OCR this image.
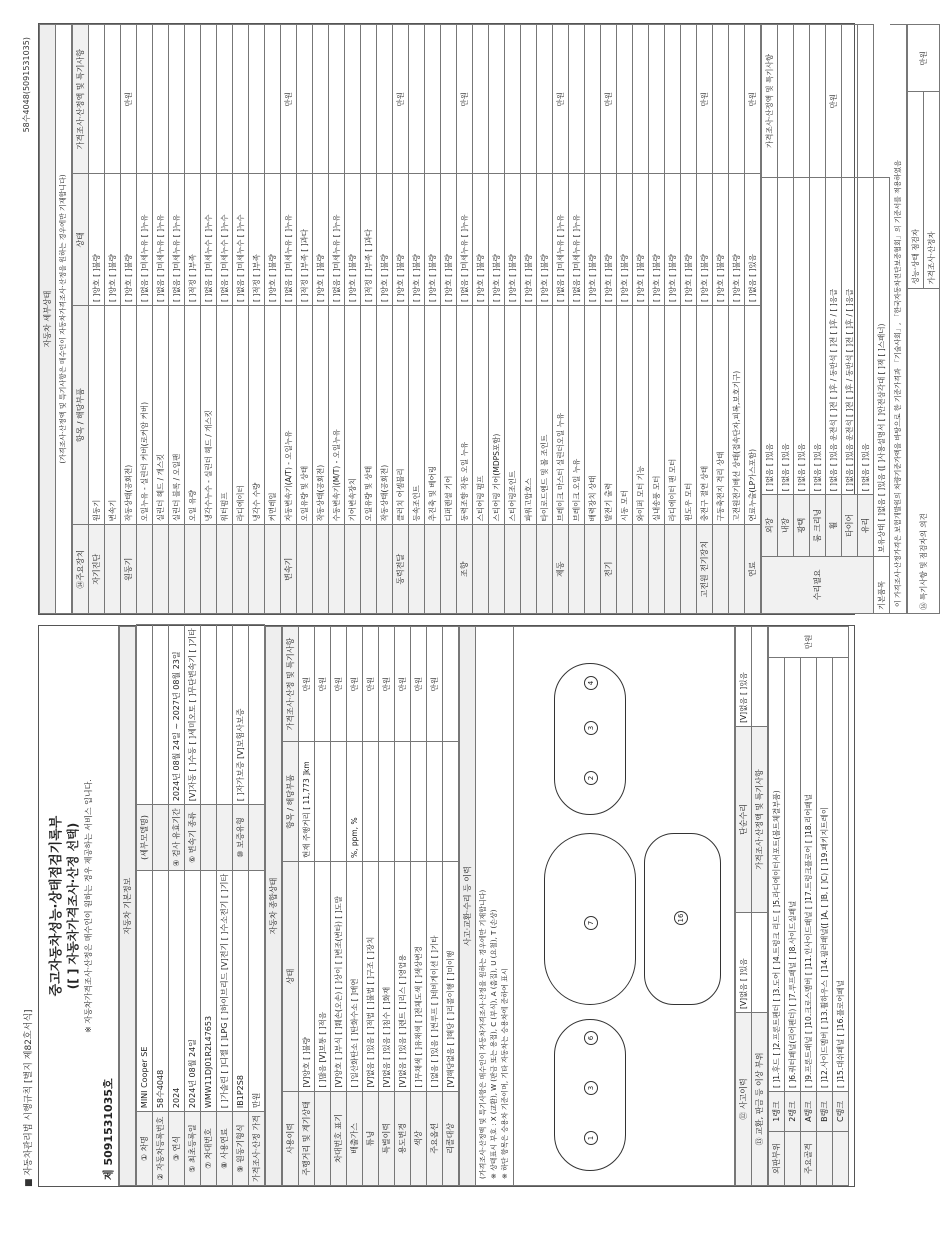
■ 자동차관리법 시행규칙 [별지 제82호서식]
58수4048(5091531035)
중고자동차성능·상태점검기록부 ([ ] 자동차가격조사·산정 선택) ※ 자동차가격조사·산정은 매수인이 원하는 경우 제공하는 서비스 입니다.
제 5091531035호
자동차 기본정보
① 차명	MINI Cooper SE	(세부모델명)	
② 자동차등록번호	58수4048		
③ 연식	2024	④ 검사 유효기간	2024년 08월 24일 ~ 2027년 08월 23일
⑤ 최초등록일	2024년 08월 24일	⑥ 변속기 종류	[V]자동 [ ]수동 [ ]세미오토 [ ]무단변속기 [ ]기타
⑦ 차대번호	WMW11DJ01R2L47653		
⑧ 사용연료	[ ]가솔린 [ ]디젤 [ ]LPG [ ]하이브리드 [V]전기 [ ]수소전기 [ ]기타		
⑨ 원동기형식	IB1P2S8	⑩ 보증유형	[ ]자가보증 [V]보험사보증
가격조사·산정 가격	만원		
자동차 종합상태
사용이력	상태	항목 / 해당부품	가격조사·산정 및 특기사항
주행거리 및 계기상태	[V]양호 [ ]불량	현재 주행거리 [ 11,773 ]km	만원
	[ ]많음 [V]보통 [ ]적음		만원
차대번호 표기	[V]양호 [ ]부식 [ ]훼손(오손) [ ]상이 [ ]변조(변타) [ ]도말		만원
배출가스	[ ]일산화탄소 [ ]탄화수소 [ ]매연	%, ppm, %	만원
튜닝	[V]없음 [ ]있음 [ ]적법 [ ]불법 [ ]구조 [ ]장치		만원
특별이력	[V]없음 [ ]있음 [ ]침수 [ ]화재		만원
용도변경	[V]없음 [ ]있음 [ ]렌트 [ ]리스 [ ]영업용		만원
색상	[ ]무채색 [ ]유채색 [ ]전체도색 [ ]색상변경		만원
주요옵션	[ ]없음 [ ]있음 [ ]썬루프 [ ]네비게이션 [ ]기타		만원
리콜대상	[V]해당없음 [ ]해당 [ ]리콜이행 [ ]미이행		
사고·교환·수리 등 이력	(가격조사·산정액 및 특기사항은 매수인이 자동차가격조사·산정을 원하는 경우에만 기재합니다) ※ 상태표시 부호 : X (교환), W (판금 또는 용접), C (부식), A (흠집), U (요철), T (손상) ※ 하단 항목은 승용차 기준이며, 기타 자동차는 승용차에 준하여 표시	1
3
6
7
2
3
4
16
⑫ 사고이력	[V]없음 [ ]있음	단순수리	[V]없음 [ ]있음
⑬ 교환, 판금 등 이상 부위		가격조사·산정액 및 특기사항	
외판부위	1랭크	[ ]1.후드 [ ]2.프론트펜더 [ ]3.도어 [ ]4.트렁크 리드 [ ]5.라디에이터서포트(볼트체결부품)	만원
	2랭크	[ ]6.쿼터패널(리어펜더) [ ]7.루프패널 [ ]8.사이드실패널	
주요골격	A랭크	[ ]9.프론트패널 [ ]10.크로스멤버 [ ]11.인사이드패널 [ ]17.트렁크플로어 [ ]18.리어패널	
	B랭크	[ ]12.사이드멤버 [ ]13.휠하우스 [ ]14.필러패널([ ]A, [ ]B, [ ]C) [ ]19.패키지트레이	
	C랭크	[ ]15.대쉬패널 [ ]16.플로어패널	
자동차 세부상태	(가격조사·산정액 및 특기사항은 매수인이 자동차가격조사·산정을 원하는 경우에만 기재합니다)
⑭주요장치	항목 / 해당부품	상태	가격조사·산정액 및 특기사항
자기진단	원동기	[ ]양호 [ ]불량	
	변속기	[ ]양호 [ ]불량	
원동기	작동상태(공회전)	[ ]양호 [ ]불량	만원
	오일누유 - 실린더 커버(로커암 커버)	[ ]없음 [ ]미세누유 [ ]누유	
	실린더 헤드 / 개스킷	[ ]없음 [ ]미세누유 [ ]누유	
	실린더 블록 / 오일팬	[ ]없음 [ ]미세누유 [ ]누유	
	오일 유량	[ ]적정 [ ]부족	
	냉각수누수 - 실린더 헤드 / 개스킷	[ ]없음 [ ]미세누수 [ ]누수	
	워터펌프	[ ]없음 [ ]미세누수 [ ]누수	
	라디에이터	[ ]없음 [ ]미세누수 [ ]누수	
	냉각수 수량	[ ]적정 [ ]부족	
	커먼레일	[ ]양호 [ ]불량	
변속기	자동변속기(A/T) - 오일누유	[ ]없음 [ ]미세누유 [ ]누유	만원
	오일유량 및 상태	[ ]적정 [ ]부족 [ ]과다	
	작동상태(공회전)	[ ]양호 [ ]불량	
	수동변속기(M/T) - 오일누유	[ ]없음 [ ]미세누유 [ ]누유	
	기어변속장치	[ ]양호 [ ]불량	
	오일유량 및 상태	[ ]적정 [ ]부족 [ ]과다	
	작동상태(공회전)	[ ]양호 [ ]불량	
동력전달	클러치 어셈블리	[ ]양호 [ ]불량	만원
	등속조인트	[ ]양호 [ ]불량	
	추진축 및 베어링	[ ]양호 [ ]불량	
	디퍼렌셜 기어	[ ]양호 [ ]불량	
조향	동력조향 작동 오일 누유	[ ]없음 [ ]미세누유 [ ]누유	만원
	스티어링 펌프	[ ]양호 [ ]불량	
	스티어링 기어(MDPS포함)	[ ]양호 [ ]불량	
	스티어링조인트	[ ]양호 [ ]불량	
	파워고압호스	[ ]양호 [ ]불량	
	타이로드엔드 및 볼 조인트	[ ]양호 [ ]불량	
제동	브레이크 마스터 실린더오일 누유	[ ]없음 [ ]미세누유 [ ]누유	만원
	브레이크 오일 누유	[ ]없음 [ ]미세누유 [ ]누유	
	배력장치 상태	[ ]양호 [ ]불량	
전기	발전기 출력	[ ]양호 [ ]불량	만원
	시동 모터	[ ]양호 [ ]불량	
	와이퍼 모터 기능	[ ]양호 [ ]불량	
	실내송풍 모터	[ ]양호 [ ]불량	
	라디에이터 팬 모터	[ ]양호 [ ]불량	
	윈도우 모터	[ ]양호 [ ]불량	
고전원 전기장치	충전구 절연 상태	[ ]양호 [ ]불량	만원
	구동축전지 격리 상태	[ ]양호 [ ]불량	
	고전원전기배선 상태(접속단자,피복,보호기구)	[ ]양호 [ ]불량	
연료	연료누출(LP가스포함)	[ ]없음 [ ]있음	만원
수리필요	외장	[ ]없음 [ ]있음	가격조사·산정액 및 특기사항
	내장	[ ]없음 [ ]있음	
	광택	[ ]없음 [ ]있음	
	룸 크리닝	[ ]없음 [ ]있음	
	휠	[ ]없음 [ ]있음 운전석 [ ]전 [ ]후 / 동반석 [ ]전 [ ]후 / [ ]응급	만원
	타이어	[ ]없음 [ ]있음 운전석 [ ]전 [ ]후 / 동반석 [ ]전 [ ]후 / [ ]응급	
	유리	[ ]없음 [ ]있음	
기본품목	보유상태 [ ]없음 [ ]있음 ([ ]사용설명서 [ ]안전삼각대 [ ]잭 [ ]스패너)			이 가격조사·산정가격은 보험개발원의 차량기준가액을 바탕으로 한 기준가격과 「기술사회」, 「한국자동차진단보증협회」의 기준서를 적용하였음	⑯ 특기사항 및 점검자의 의견	성능·상태 점검자	만원
가격조사·산정자
